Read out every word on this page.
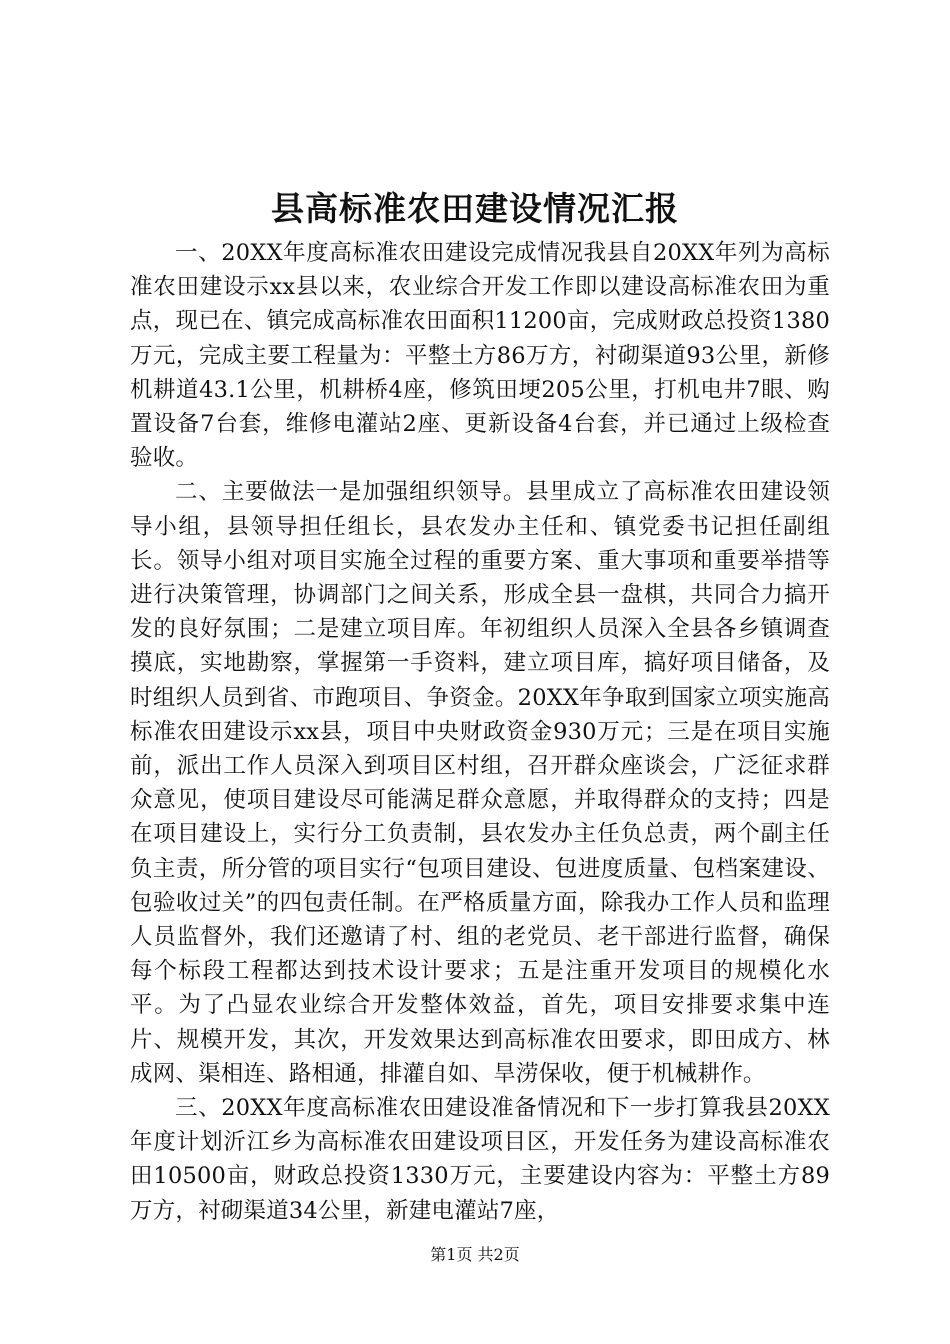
县高标准农田建设情况汇报

一、20XX年度高标准农田建设完成情况我县自20XX年列为高标准农田建设示xx县以来，农业综合开发工作即以建设高标准农田为重点，现已在、镇完成高标准农田面积11200亩，完成财政总投资1380万元，完成主要工程量为：平整土方86万方，衬砌渠道93公里，新修机耕道43.1公里，机耕桥4座，修筑田埂205公里，打机电井7眼、购置设备7台套，维修电灌站2座、更新设备4台套，并已通过上级检查验收。

二、主要做法一是加强组织领导。县里成立了高标准农田建设领导小组，县领导担任组长，县农发办主任和、镇党委书记担任副组长。领导小组对项目实施全过程的重要方案、重大事项和重要举措等进行决策管理，协调部门之间关系，形成全县一盘棋，共同合力搞开发的良好氛围；二是建立项目库。年初组织人员深入全县各乡镇调查摸底，实地勘察，掌握第一手资料，建立项目库，搞好项目储备，及时组织人员到省、市跑项目、争资金。20XX年争取到国家立项实施高标准农田建设示xx县，项目中央财政资金930万元；三是在项目实施前，派出工作人员深入到项目区村组，召开群众座谈会，广泛征求群众意见，使项目建设尽可能满足群众意愿，并取得群众的支持；四是在项目建设上，实行分工负责制，县农发办主任负总责，两个副主任负主责，所分管的项目实行“包项目建设、包进度质量、包档案建设、包验收过关”的四包责任制。在严格质量方面，除我办工作人员和监理人员监督外，我们还邀请了村、组的老党员、老干部进行监督，确保每个标段工程都达到技术设计要求；五是注重开发项目的规模化水平。为了凸显农业综合开发整体效益，首先，项目安排要求集中连片、规模开发，其次，开发效果达到高标准农田要求，即田成方、林成网、渠相连、路相通，排灌自如、旱涝保收，便于机械耕作。

三、20XX年度高标准农田建设准备情况和下一步打算我县20XX年度计划沂江乡为高标准农田建设项目区，开发任务为建设高标准农田10500亩，财政总投资1330万元，主要建设内容为：平整土方89万方，衬砌渠道34公里，新建电灌站7座，

第1页 共2页
